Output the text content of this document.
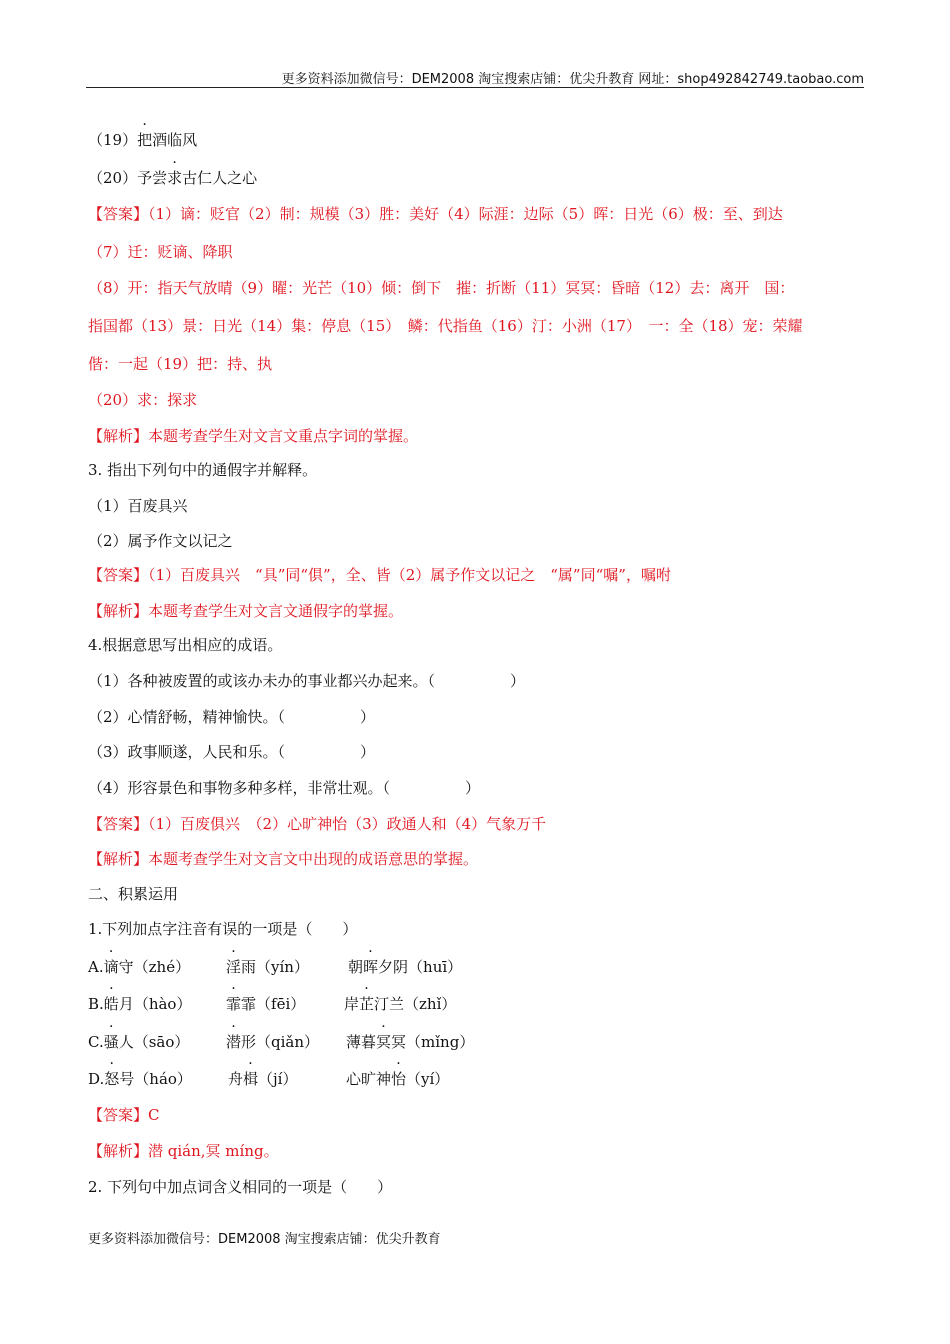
更多资料添加微信号：DEM2008 淘宝搜索店铺：优尖升教育 网址：shop492842749.taobao.com
（19）把酒临风
（20）予尝求古仁人之心
【答案】（1）谪：贬官（2）制：规模（3）胜：美好（4）际涯：边际（5）晖：日光（6）极：至、到达
（7）迁：贬谪、降职
（8）开：指天气放晴（9）曜：光芒（10）倾：倒下　摧：折断（11）冥冥：昏暗（12）去：离开　国：
指国都（13）景：日光（14）集：停息（15）　鳞：代指鱼（16）汀：小洲（17）　一：全（18）宠：荣耀
偕：一起（19）把：持、执
（20）求：探求
【解析】本题考查学生对文言文重点字词的掌握。
3. 指出下列句中的通假字并解释。
（1）百废具兴
（2）属予作文以记之
【答案】（1）百废具兴　“具”同“俱”，全、皆（2）属予作文以记之　“属”同“嘱”，嘱咐
【解析】本题考查学生对文言文通假字的掌握。
4.根据意思写出相应的成语。
（1）各种被废置的或该办未办的事业都兴办起来。（　　　　　）
（2）心情舒畅，精神愉快。（　　　　　）
（3）政事顺遂，人民和乐。（　　　　　）
（4）形容景色和事物多种多样，非常壮观。（　　　　　）
【答案】（1）百废俱兴　（2）心旷神怡（3）政通人和（4）气象万千
【解析】本题考查学生对文言文中出现的成语意思的掌握。
二、积累运用
1.下列加点字注音有误的一项是（　　）
A.谪守（zhé） 淫雨（yín）	朝晖夕阴（huī）
B.皓月（hào） 霏霏（fēi）	岸芷汀兰（zhǐ）
C.骚人（sāo） 潜形（qiǎn） 薄暮冥冥（mǐng）
D.怒号（háo） 舟楫（jí）	心旷神怡（yí）
【答案】C
【解析】潜 qián,冥 míng。
2. 下列句中加点词含义相同的一项是（　　）
更多资料添加微信号：DEM2008 淘宝搜索店铺：优尖升教育
